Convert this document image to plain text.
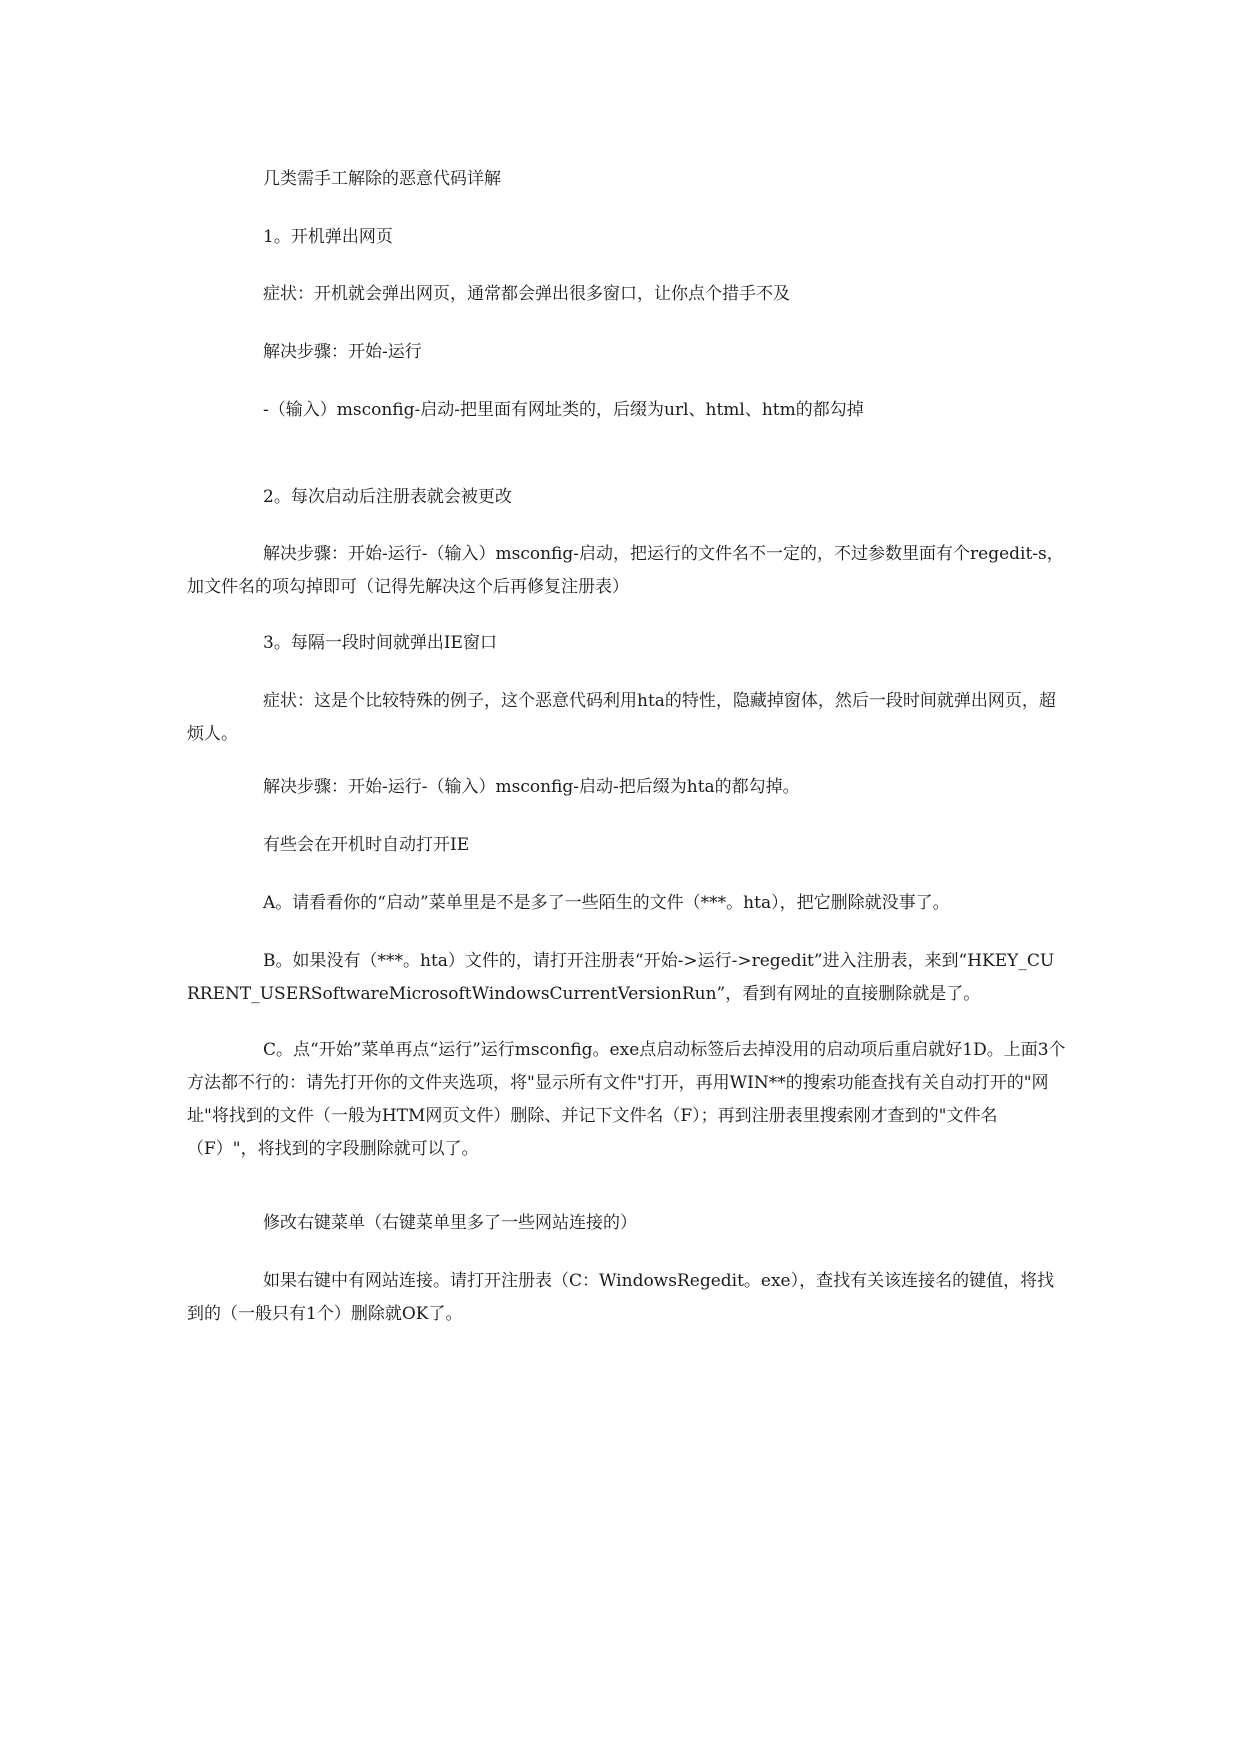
几类需手工解除的恶意代码详解

1。开机弹出网页

症状：开机就会弹出网页，通常都会弹出很多窗口，让你点个措手不及

解决步骤：开始-运行

-（输入）msconfig-启动-把里面有网址类的，后缀为url、html、htm的都勾掉

2。每次启动后注册表就会被更改

解决步骤：开始-运行-（输入）msconfig-启动，把运行的文件名不一定的，不过参数里面有个regedit-s，加文件名的项勾掉即可（记得先解决这个后再修复注册表）

3。每隔一段时间就弹出IE窗口

症状：这是个比较特殊的例子，这个恶意代码利用hta的特性，隐藏掉窗体，然后一段时间就弹出网页，超烦人。

解决步骤：开始-运行-（输入）msconfig-启动-把后缀为hta的都勾掉。

有些会在开机时自动打开IE

A。请看看你的“启动”菜单里是不是多了一些陌生的文件（***。hta），把它删除就没事了。

B。如果没有（***。hta）文件的，请打开注册表“开始->运行->regedit”进入注册表，来到“HKEY_CURRENT_USERSoftwareMicrosoftWindowsCurrentVersionRun”，看到有网址的直接删除就是了。

C。点“开始”菜单再点“运行”运行msconfig。exe点启动标签后去掉没用的启动项后重启就好1D。上面3个方法都不行的：请先打开你的文件夹选项，将"显示所有文件"打开，再用WIN**的搜索功能查找有关自动打开的"网址"将找到的文件（一般为HTM网页文件）删除、并记下文件名（F）；再到注册表里搜索刚才查到的"文件名（F）"，将找到的字段删除就可以了。

修改右键菜单（右键菜单里多了一些网站连接的）

如果右键中有网站连接。请打开注册表（C：WindowsRegedit。exe），查找有关该连接名的键值，将找到的（一般只有1个）删除就OK了。
